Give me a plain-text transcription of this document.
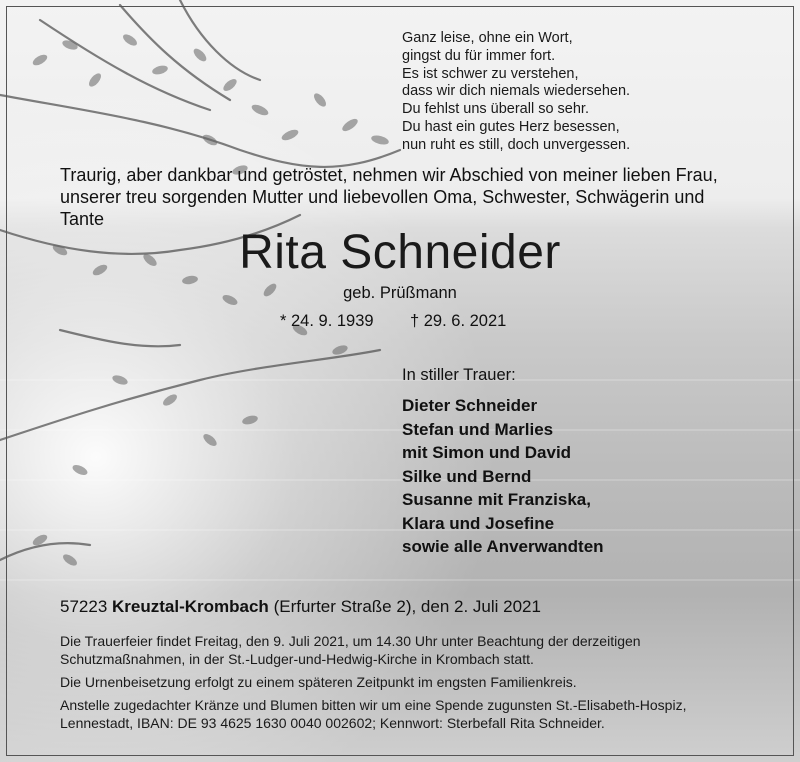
Ganz leise, ohne ein Wort,
gingst du für immer fort.
Es ist schwer zu verstehen,
dass wir dich niemals wiedersehen.
Du fehlst uns überall so sehr.
Du hast ein gutes Herz besessen,
nun ruht es still, doch unvergessen.
Traurig, aber dankbar und getröstet, nehmen wir Abschied von meiner lieben Frau,
unserer treu sorgenden Mutter und liebevollen Oma, Schwester, Schwägerin und
Tante
Rita Schneider
geb. Prüßmann
* 24. 9. 1939 † 29. 6. 2021
In stiller Trauer:
Dieter Schneider
Stefan und Marlies
mit Simon und David
Silke und Bernd
Susanne mit Franziska,
Klara und Josefine
sowie alle Anverwandten
57223 Kreuztal-Krombach (Erfurter Straße 2), den 2. Juli 2021

Die Trauerfeier findet Freitag, den 9. Juli 2021, um 14.30 Uhr unter Beachtung der derzeitigen Schutzmaßnahmen, in der St.-Ludger-und-Hedwig-Kirche in Krombach statt.

Die Urnenbeisetzung erfolgt zu einem späteren Zeitpunkt im engsten Familienkreis.

Anstelle zugedachter Kränze und Blumen bitten wir um eine Spende zugunsten St.-Elisabeth-Hospiz, Lennestadt, IBAN: DE 93 4625 1630 0040 002602; Kennwort: Sterbefall Rita Schneider.
